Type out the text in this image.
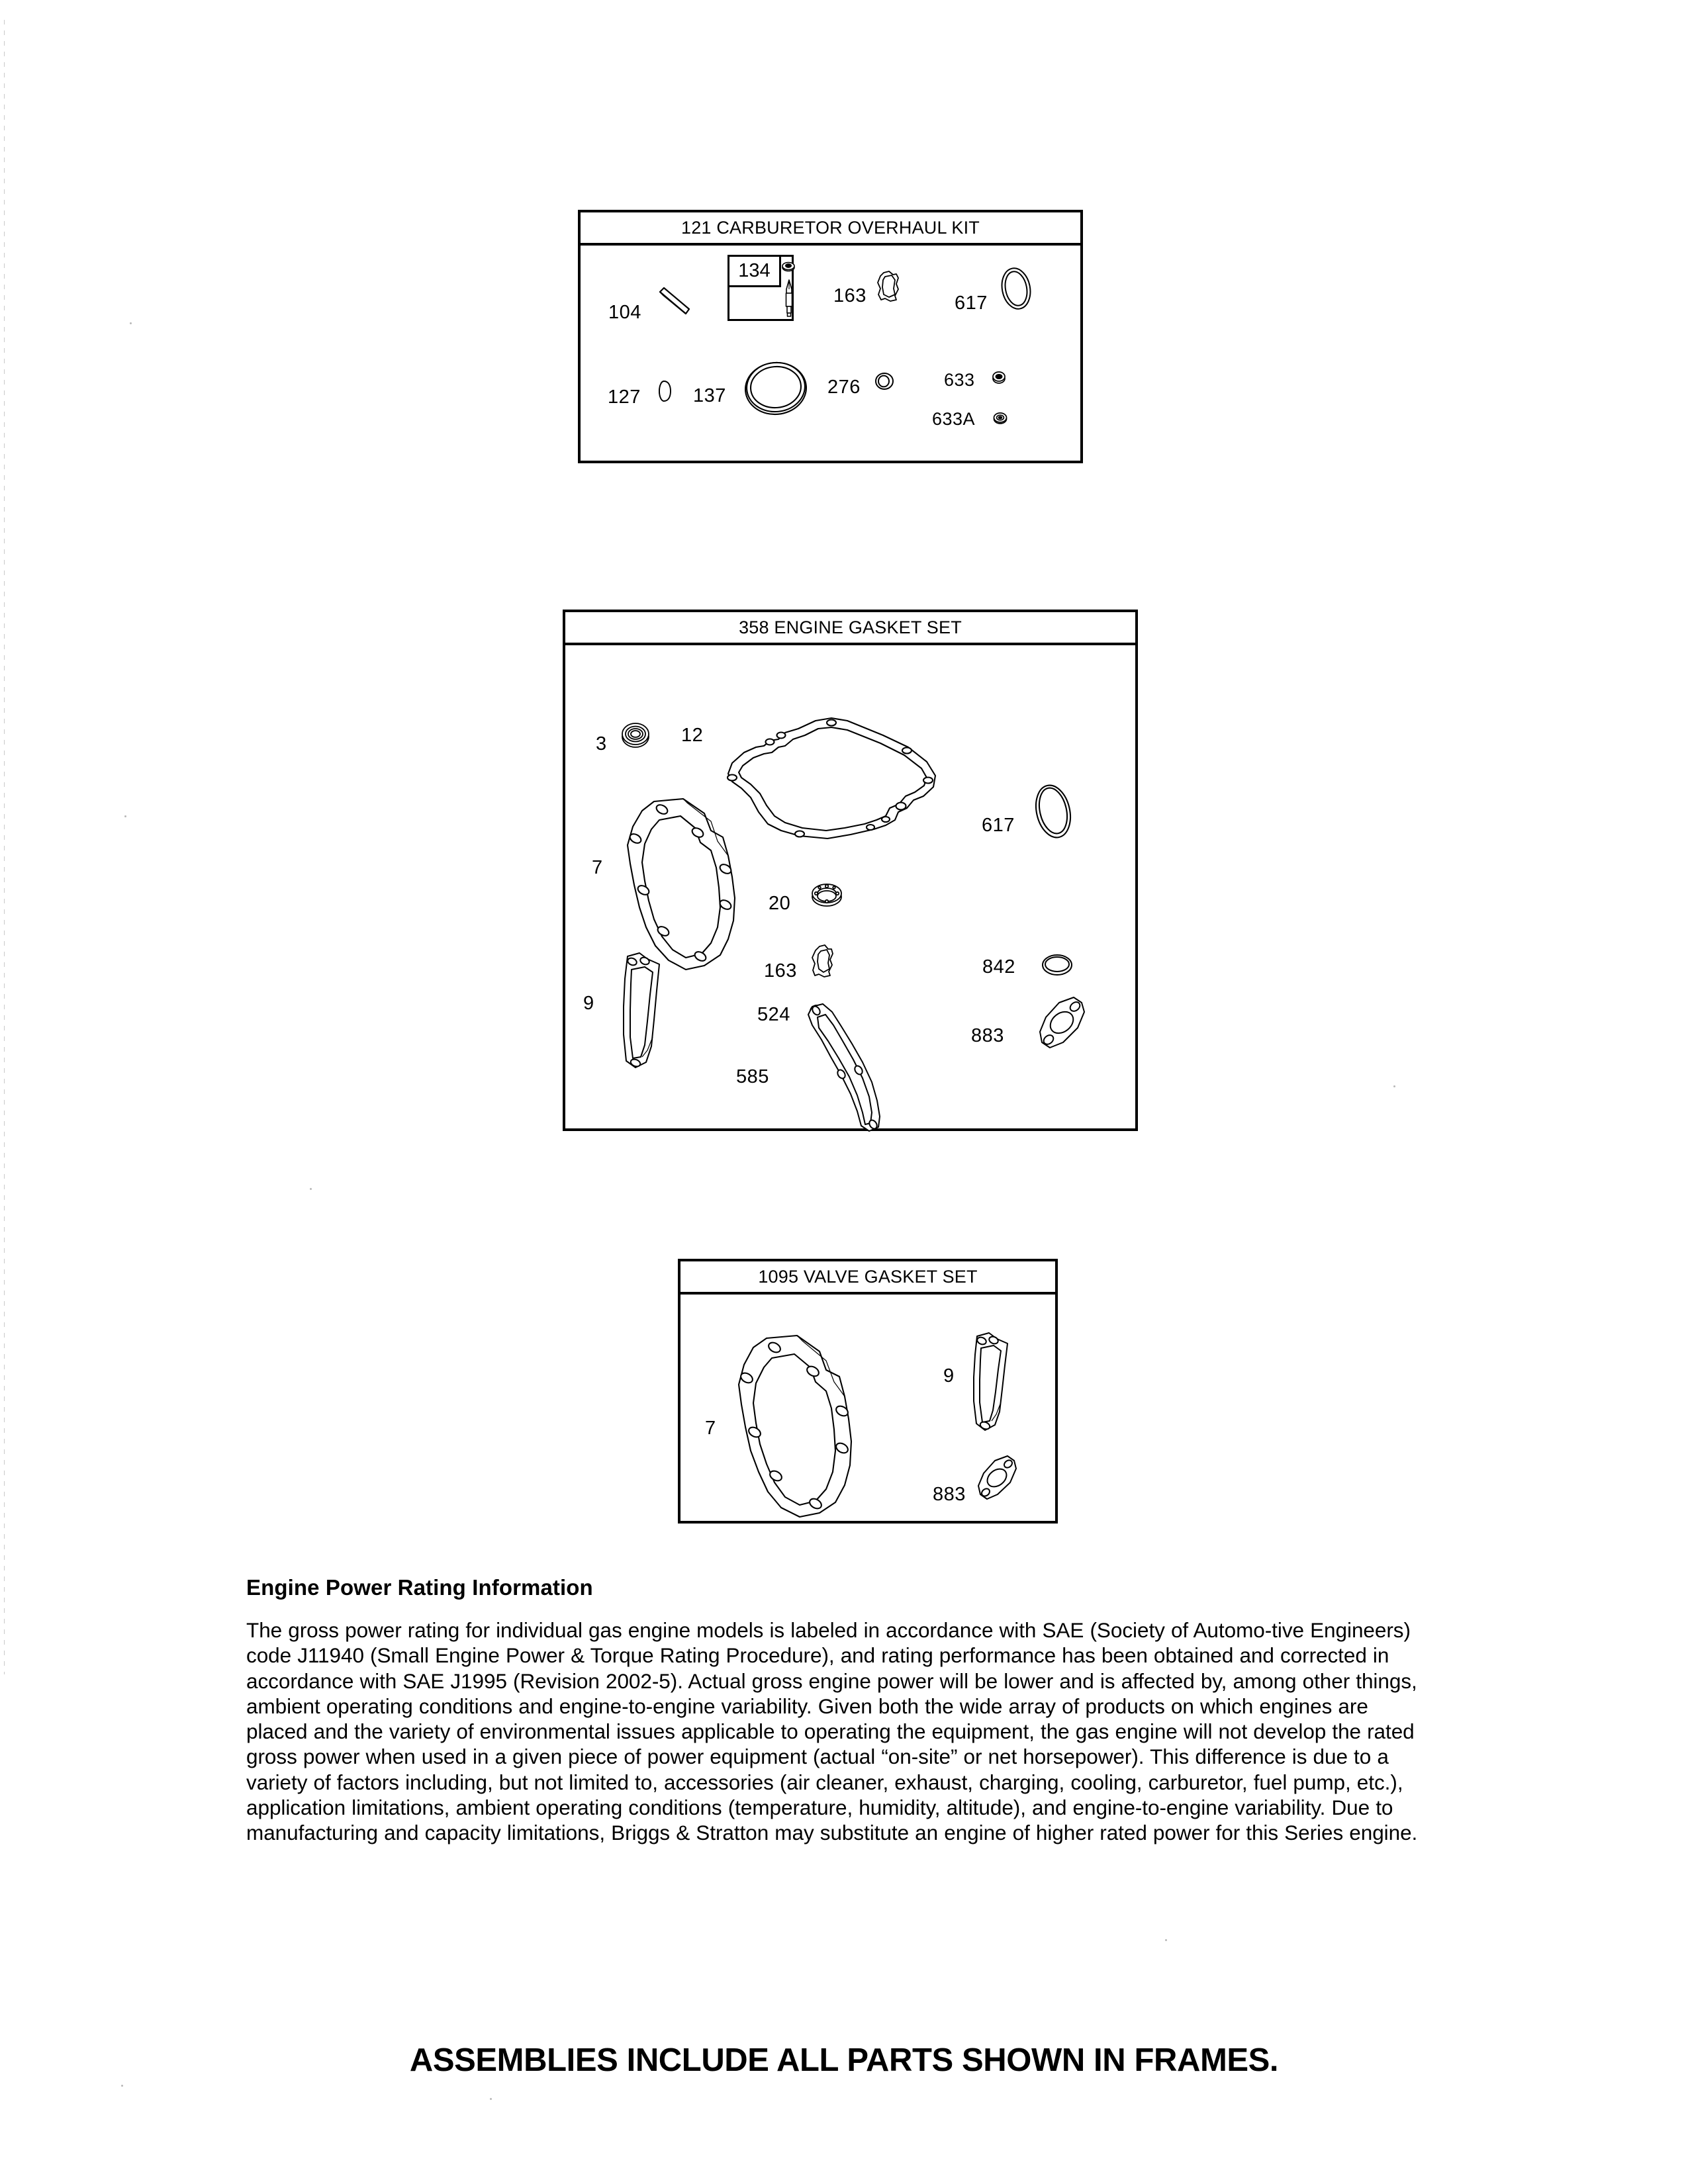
121 CARBURETOR OVERHAUL KIT
104
134
163	617
127	137	276	633
633A
358 ENGINE GASKET SET
3	12
617
7
20
842
163
9
524
883
585
1095 VALVE GASKET SET
7
9
883
Engine Power Rating Information

The gross power rating for individual gas engine models is labeled in accordance with SAE (Society of Automo-tive Engineers) code J11940 (Small Engine Power & Torque Rating Procedure), and rating performance has been obtained and corrected in accordance with SAE J1995 (Revision 2002-5). Actual gross engine power will be lower and is affected by, among other things, ambient operating conditions and engine-to-engine variability. Given both the wide array of products on which engines are placed and the variety of environmental issues applicable to operating the equipment, the gas engine will not develop the rated gross power when used in a given piece of power equipment (actual “on-site” or net horsepower). This difference is due to a variety of factors including, but not limited to, accessories (air cleaner, exhaust, charging, cooling, carburetor, fuel pump, etc.), application limitations, ambient operating conditions (temperature, humidity, altitude), and engine-to-engine variability. Due to manufacturing and capacity limitations, Briggs & Stratton may substitute an engine of higher rated power for this Series engine.

ASSEMBLIES INCLUDE ALL PARTS SHOWN IN FRAMES.
